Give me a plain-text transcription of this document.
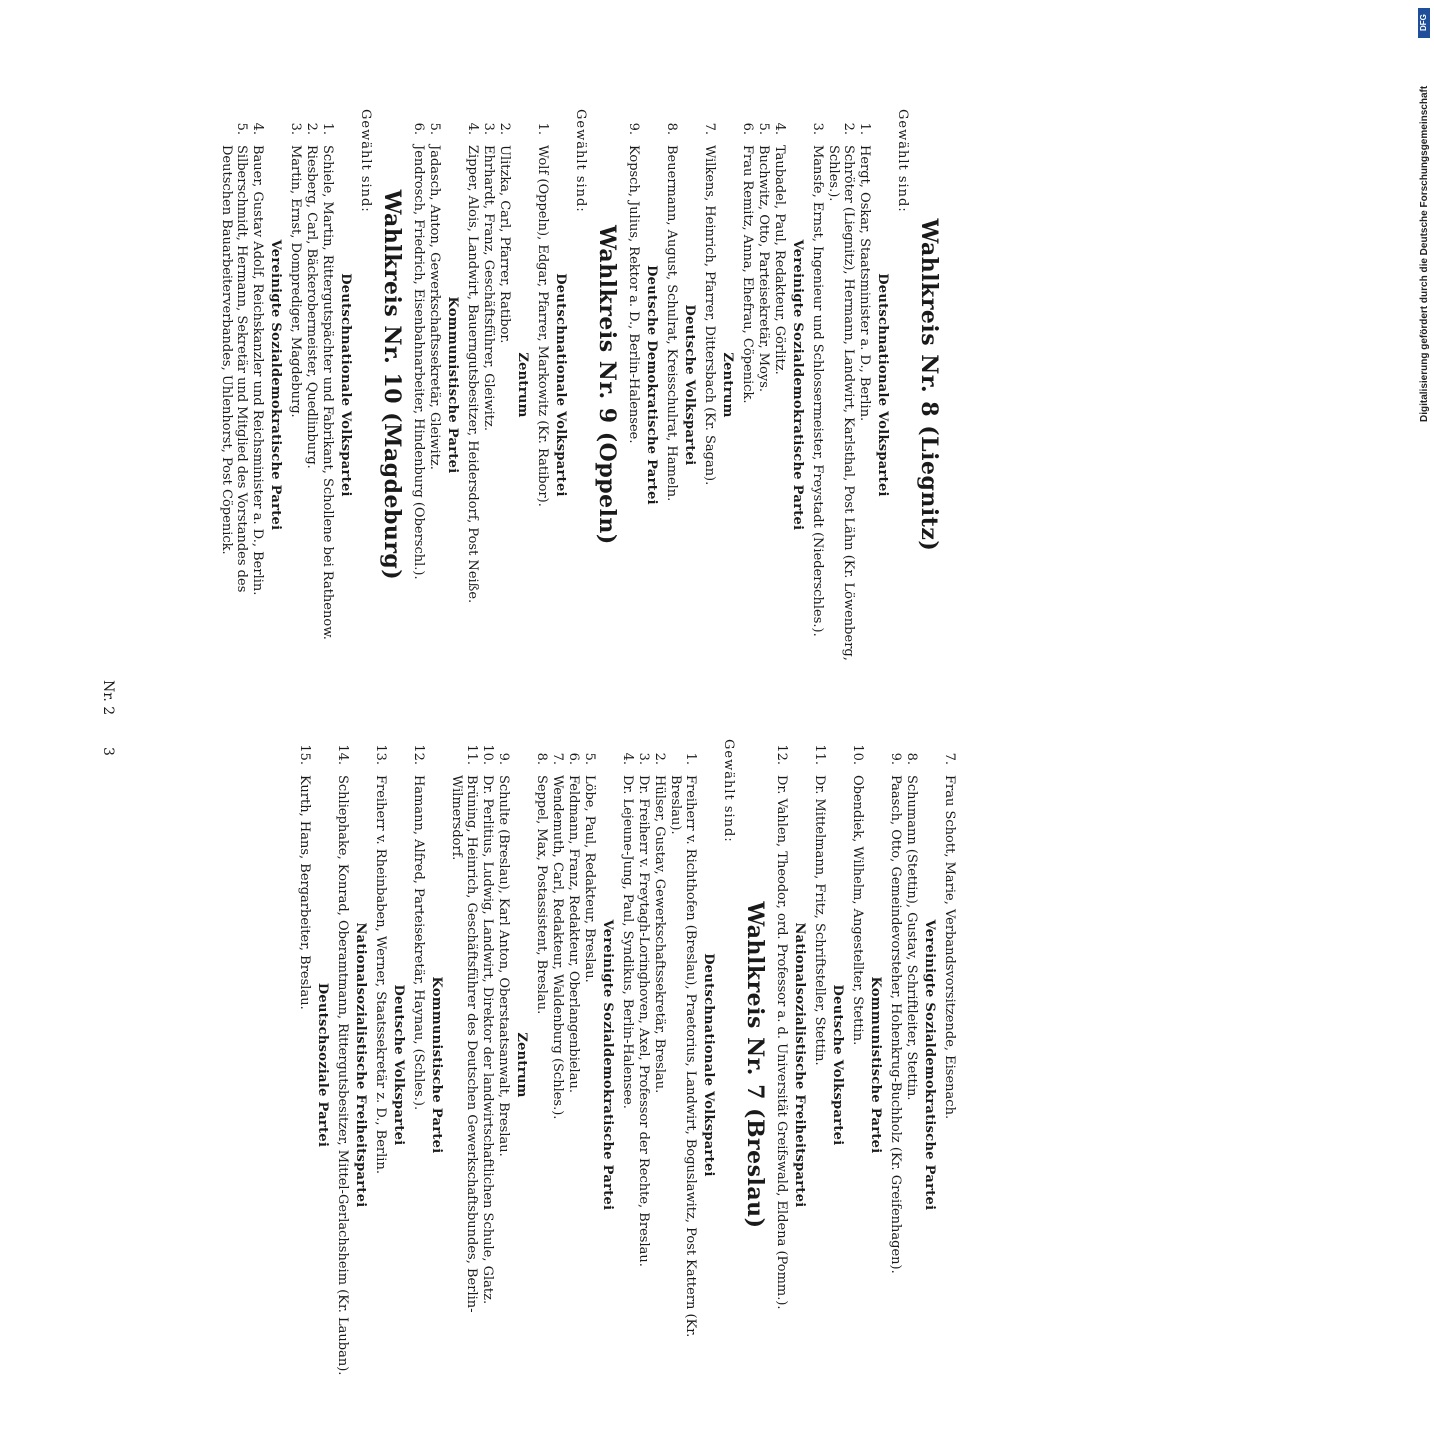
DFG
Digitalisierung gefördert durch die Deutsche Forschungsgemeinschaft
Nr. 2
Wahlkreis Nr. 8 (Liegnitz)
Gewählt sind:
Deutschnationale Volkspartei
1.
Hergt, Oskar, Staatsminister a. D., Berlin.
2.
Schröter (Liegnitz), Hermann, Landwirt, Karlsthal, Post Lähn (Kr. Löwenberg, Schles.).
3.
Mansfe, Ernst, Ingenieur und Schlossermeister, Freystadt (Niederschles.).
Vereinigte Sozialdemokratische Partei
4.
Taubadel, Paul, Redakteur, Görlitz.
5.
Buchwitz, Otto, Parteisekretär, Moys.
6.
Frau Remitz, Anna, Ehefrau, Cöpenick.
Zentrum
7.
Wilkens, Heinrich, Pfarrer, Dittersbach (Kr. Sagan).
Deutsche Volkspartei
8.
Beuermann, August, Schulrat, Kreisschulrat, Hameln.
Deutsche Demokratische Partei
9.
Kopsch, Julius, Rektor a. D., Berlin-Halensee.
Wahlkreis Nr. 9 (Oppeln)
Gewählt sind:
Deutschnationale Volkspartei
1.
Wolf (Oppeln), Edgar, Pfarrer, Markowitz (Kr. Ratibor).
Zentrum
2.
Ulitzka, Carl, Pfarrer, Ratibor.
3.
Ehrhardt, Franz, Geschäftsführer, Gleiwitz.
4.
Zipper, Alois, Landwirt, Bauerngutsbesitzer, Heidersdorf, Post Neiße.
Kommunistische Partei
5.
Jadasch, Anton, Gewerkschaftssekretär, Gleiwitz.
6.
Jendrosch, Friedrich, Eisenbahnarbeiter, Hindenburg (Oberschl.).
Wahlkreis Nr. 10 (Magdeburg)
Gewählt sind:
Deutschnationale Volkspartei
1.
Schiele, Martin, Rittergutspächter und Fabrikant, Schollene bei Rathenow.
2.
Riesberg, Carl, Bäckerobermeister, Quedlinburg.
3.
Martin, Ernst, Domprediger, Magdeburg.
Vereinigte Sozialdemokratische Partei
4.
Bauer, Gustav Adolf, Reichskanzler und Reichsminister a. D., Berlin.
5.
Silberschmidt, Hermann, Sekretär und Mitglied des Vorstandes des Deutschen Bauarbeiterverbandes, Uhlenhorst, Post Cöpenick.
3
7.
Frau Schott, Marie, Verbandsvorsitzende, Eisenach.
Vereinigte Sozialdemokratische Partei
8.
Schumann (Stettin), Gustav, Schriftleiter, Stettin.
9.
Paasch, Otto, Gemeindevorsteher, Hohenkrug-Buchholz (Kr. Greifenhagen).
Kommunistische Partei
10.
Obendiek, Wilhelm, Angestellter, Stettin.
Deutsche Volkspartei
11.
Dr. Mittelmann, Fritz, Schriftsteller, Stettin.
Nationalsozialistische Freiheitspartei
12.
Dr. Vahlen, Theodor, ord. Professor a. d. Universität Greifswald, Eldena (Pomm.).
Wahlkreis Nr. 7 (Breslau)
Gewählt sind:
Deutschnationale Volkspartei
1.
Freiherr v. Richthofen (Breslau), Praetorius, Landwirt, Boguslawitz, Post Kattern (Kr. Breslau).
2.
Hülser, Gustav, Gewerkschaftssekretär, Breslau.
3.
Dr. Freiherr v. Freytagh-Loringhoven, Axel, Professor der Rechte, Breslau.
4.
Dr. Lejeune-Jung, Paul, Syndikus, Berlin-Halensee.
Vereinigte Sozialdemokratische Partei
5.
Löbe, Paul, Redakteur, Breslau.
6.
Feldmann, Franz, Redakteur, Oberlangenbielau.
7.
Wendemuth, Carl, Redakteur, Waldenburg (Schles.).
8.
Seppel, Max, Postassistent, Breslau.
Zentrum
9.
Schulte (Breslau), Karl Anton, Oberstaatsanwalt, Breslau.
10.
Dr. Perlitius, Ludwig, Landwirt, Direktor der landwirtschaftlichen Schule, Glatz.
11.
Brüning, Heinrich, Geschäftsführer des Deutschen Gewerkschaftsbundes, Berlin-Wilmersdorf.
Kommunistische Partei
12.
Hamann, Alfred, Parteisekretär, Haynau, (Schles.).
Deutsche Volkspartei
13.
Freiherr v. Rheinbaben, Werner, Staatssekretär z. D., Berlin.
Nationalsozialistische Freiheitspartei
14.
Schliephake, Konrad, Oberamtmann, Rittergutsbesitzer, Mittel-Gerlachsheim (Kr. Lauban).
Deutschsoziale Partei
15.
Kurth, Hans, Bergarbeiter, Breslau.
